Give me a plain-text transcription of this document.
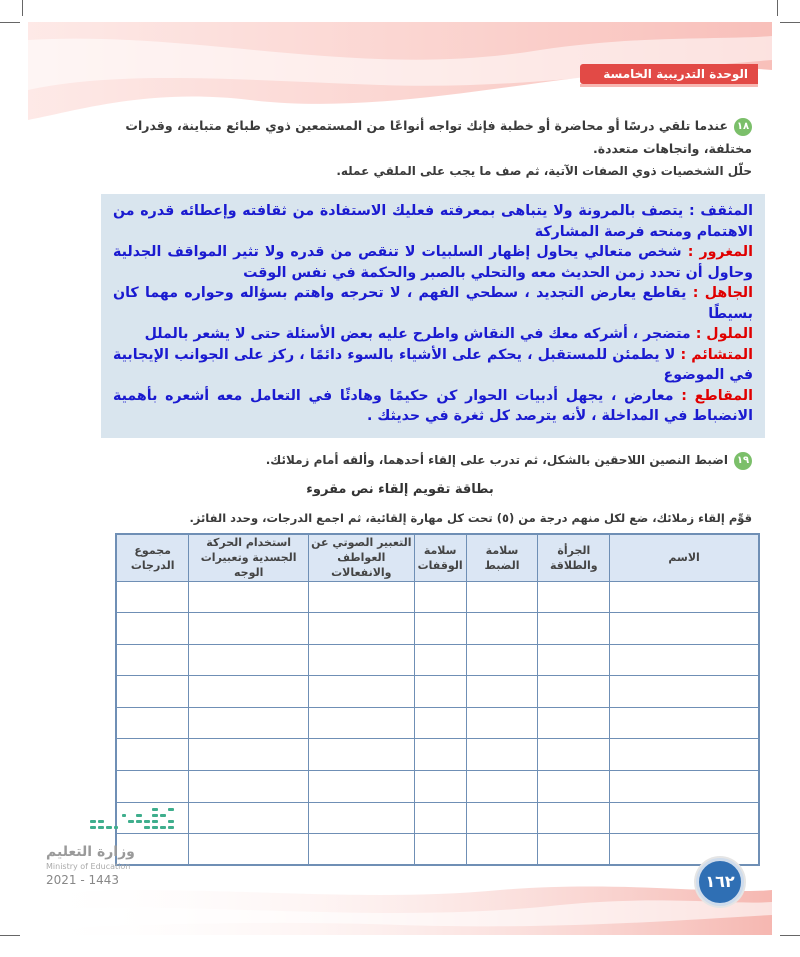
الوحدة التدريبية الخامسة
١٨عندما تلقي درسًا أو محاضرة أو خطبة فإنك تواجه أنواعًا من المستمعين ذوي طبائع متباينة، وقدرات
مختلفة، واتجاهات متعددة.
حلّل الشخصيات ذوي الصفات الآتية، ثم صف ما يجب على الملقي عمله.

المثقف : يتصف بالمرونة ولا يتباهى بمعرفته فعليك الاستفادة من ثقافته وإعطائه قدره من الاهتمام ومنحه فرصة المشاركة

المغرور : شخص متعالي يحاول إظهار السلبيات لا تنقص من قدره ولا تثير المواقف الجدلية وحاول أن تحدد زمن الحديث معه والتحلي بالصبر والحكمة في نفس الوقت

الجاهل : يقاطع يعارض التجديد ، سطحي الفهم ، لا تحرجه واهتم بسؤاله وحواره مهما كان بسيطًا

الملول : متضجر ، أشركه معك في النقاش واطرح عليه بعض الأسئلة حتى لا يشعر بالملل

المتشائم : لا يطمئن للمستقبل ، يحكم على الأشياء بالسوء دائمًا ، ركز على الجوانب الإيجابية في الموضوع

المقاطع : معارض ، يجهل أدبيات الحوار كن حكيمًا وهادئًا في التعامل معه أشعره بأهمية الانضباط في المداخلة ، لأنه يترصد كل ثغرة في حديثك .

١٩اضبط النصين اللاحقين بالشكل، ثم تدرب على إلقاء أحدهما، وألقه أمام زملائك.
بطاقة تقويم إلقاء نص مقروء
قوِّم إلقاء زملائك، ضع لكل منهم درجة من (٥) تحت كل مهارة إلقائية، ثم اجمع الدرجات، وحدد الفائز.
الاسم	الجرأة والطلاقة	سلامة الضبط	سلامة الوقفات	التعبير الصوتي عن العواطف والانفعالات	استخدام الحركة الجسدية وتعبيرات الوجه	مجموع الدرجات

وزارة التعليم
Ministry of Education
2021 - 1443	١٦٢
